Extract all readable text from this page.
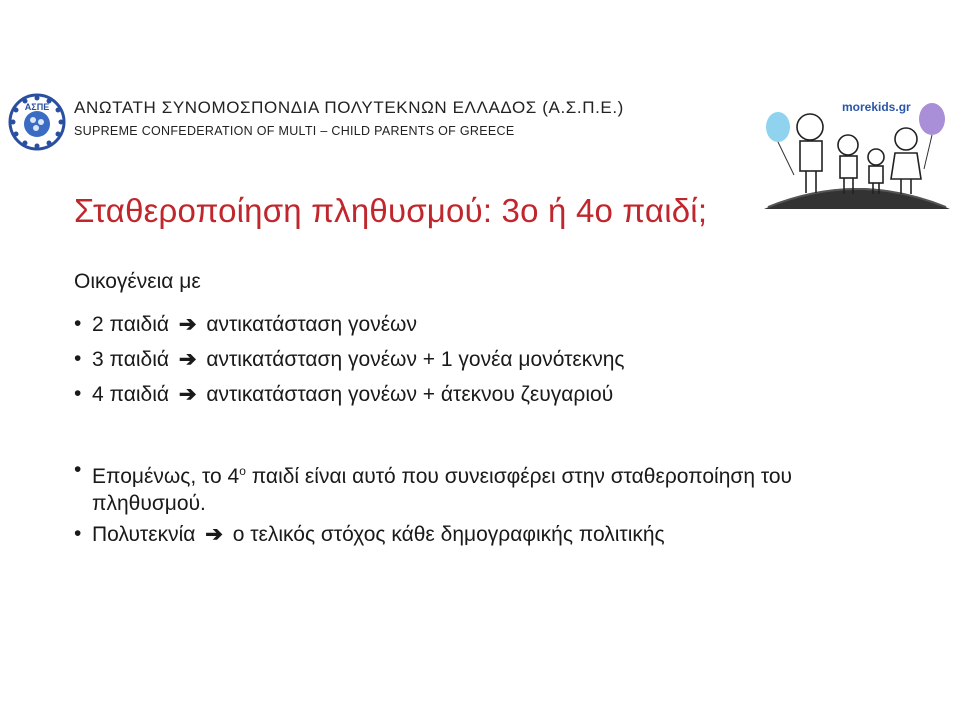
ΑΣΠΕ ΑΝΩΤΑΤΗ ΣΥΝΟΜΟΣΠΟΝΔΙΑ ΠΟΛΥΤΕΚΝΩΝ ΕΛΛΑΔΟΣ (Α.Σ.Π.Ε.)
SUPREME CONFEDERATION OF MULTI – CHILD PARENTS OF GREECE
morekids.gr
Σταθεροποίηση πληθυσμού: 3ο ή 4ο παιδί;
Οικογένεια με
• 2 παιδιά ➔ αντικατάσταση γονέων
• 3 παιδιά ➔ αντικατάσταση γονέων + 1 γονέα μονότεκνης
• 4 παιδιά ➔ αντικατάσταση γονέων + άτεκνου ζευγαριού
• Επομένως, το $4^o$ παιδί είναι αυτό που συνεισφέρει στην σταθεροποίηση του πληθυσμού.
• Πολυτεκνία ➔ ο τελικός στόχος κάθε δημογραφικής πολιτικής
